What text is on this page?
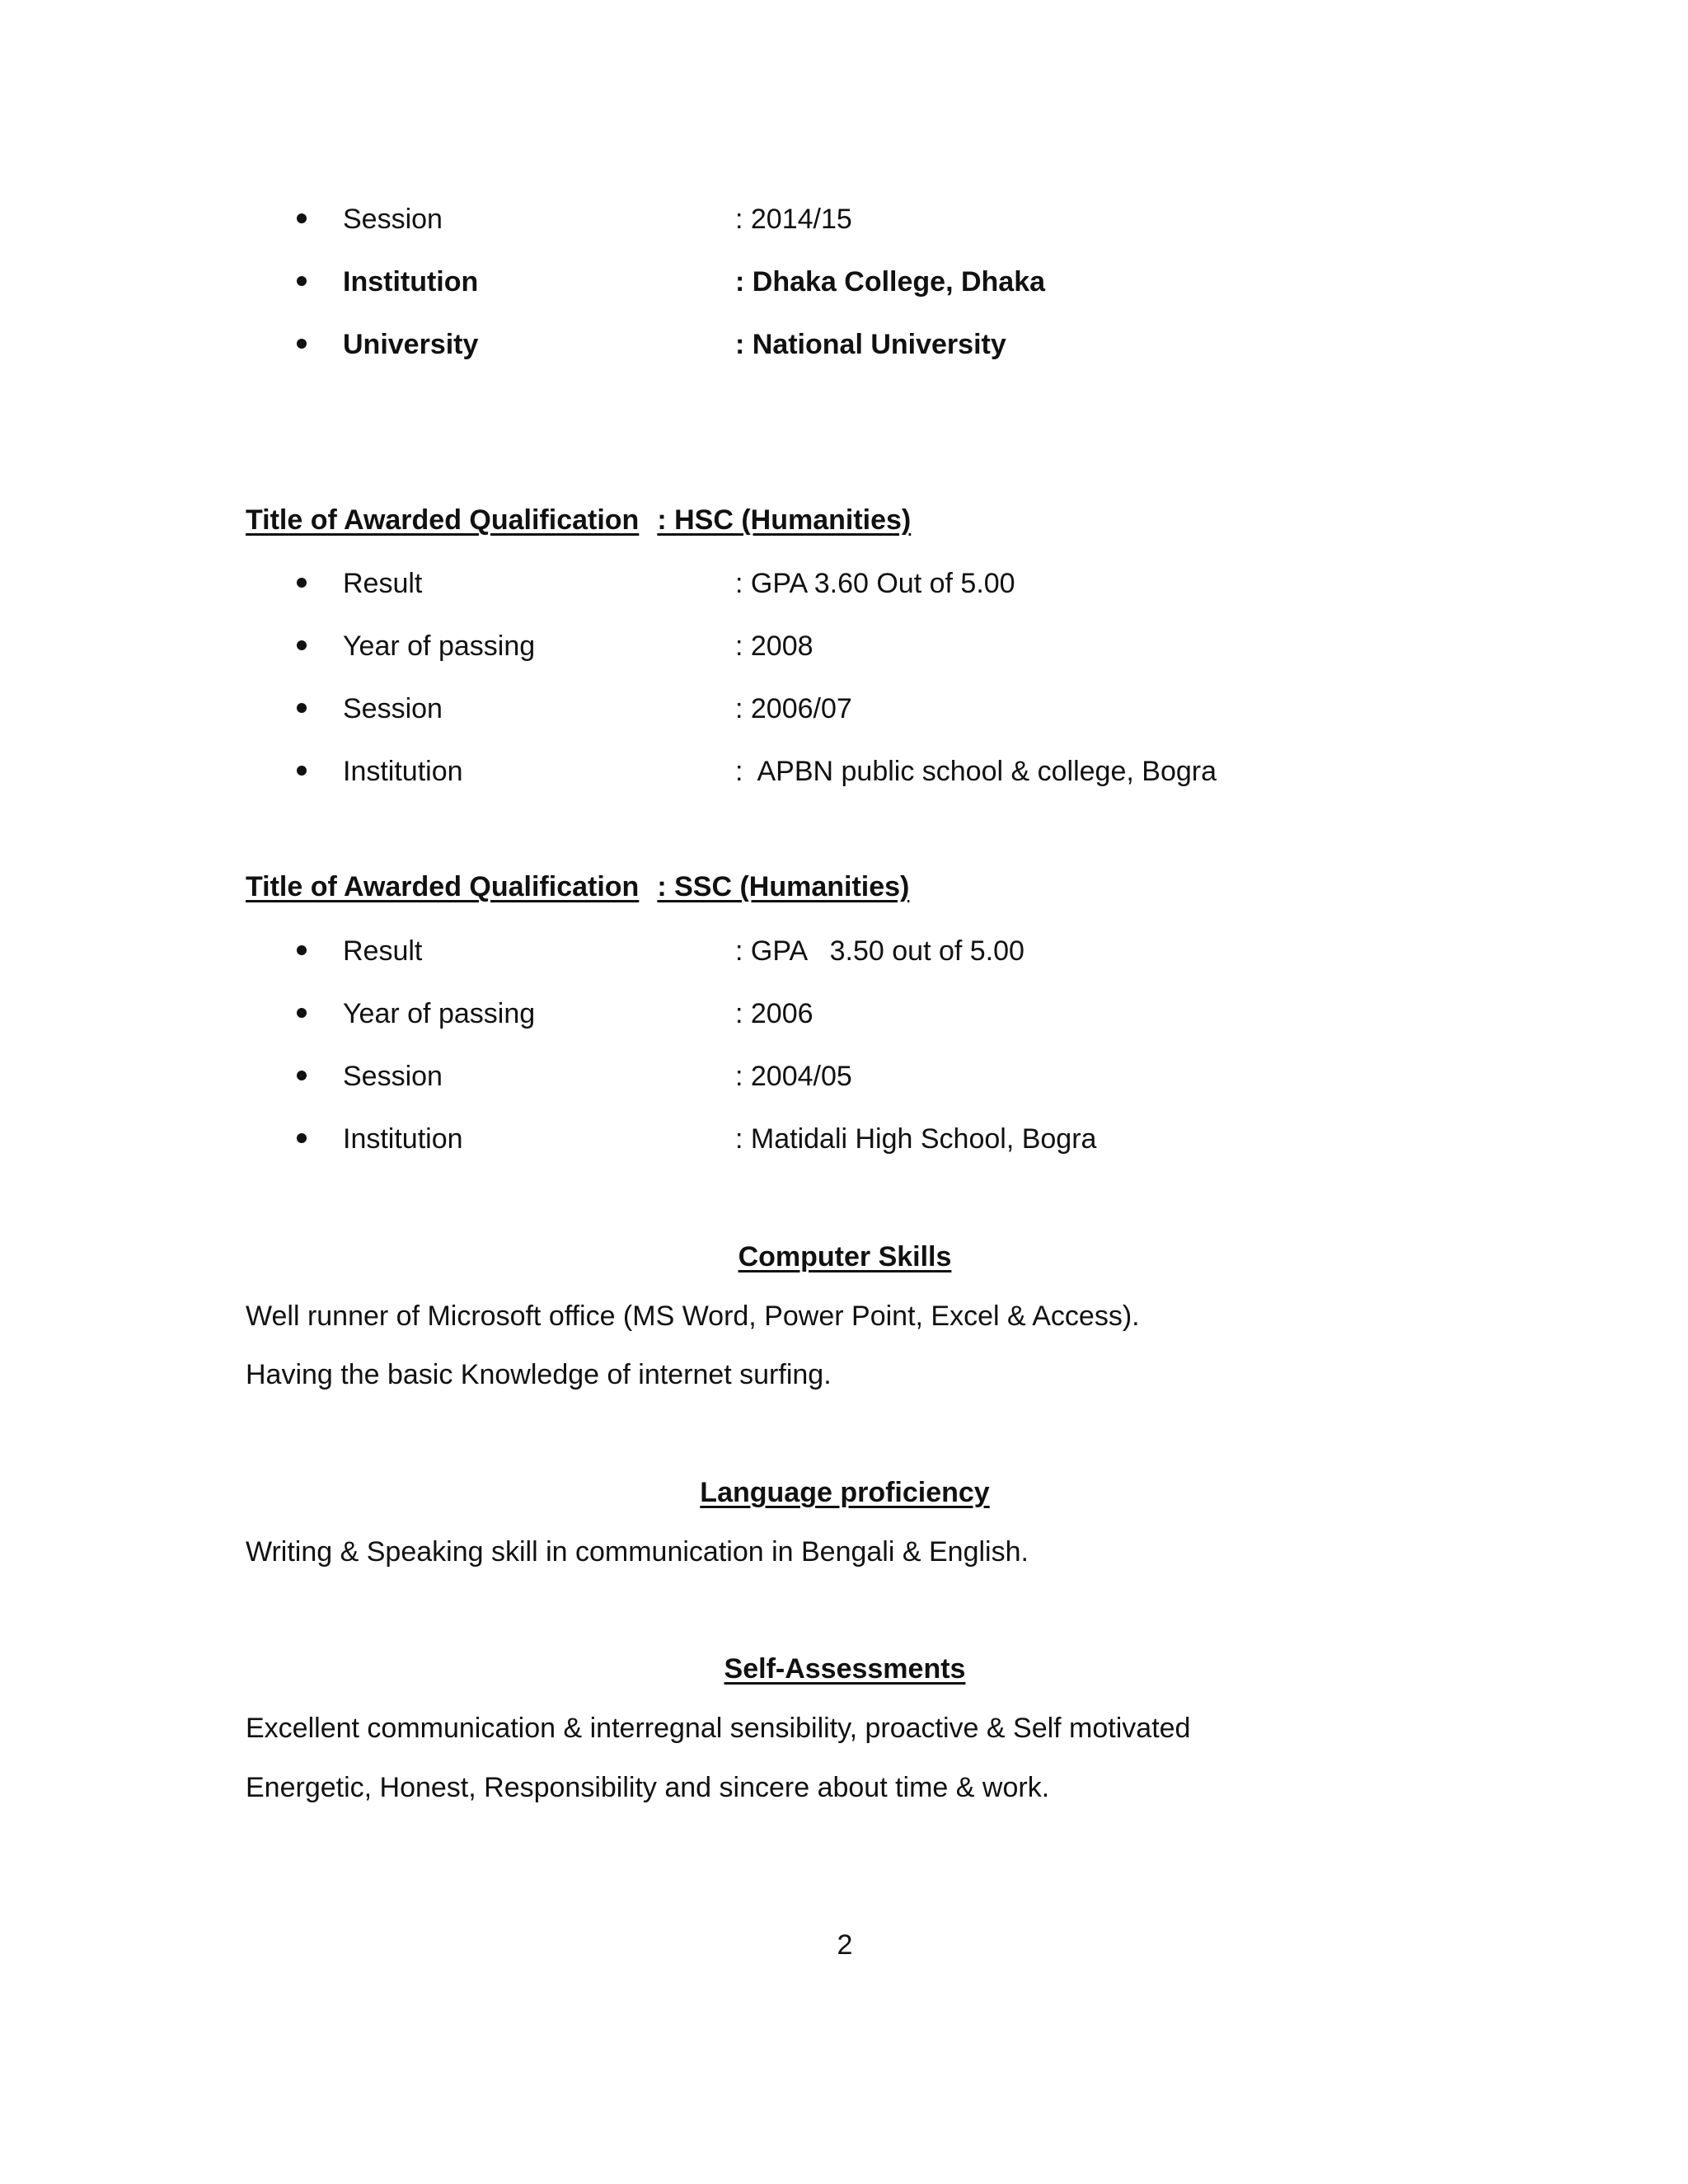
Session	: 2014/15
Institution	: Dhaka College, Dhaka
University	: National University
Title of Awarded Qualification : HSC (Humanities)
Result	: GPA 3.60 Out of 5.00
Year of passing	: 2008
Session	: 2006/07
Institution	:  APBN public school & college, Bogra
Title of Awarded Qualification : SSC (Humanities)
Result	: GPA   3.50 out of 5.00
Year of passing	: 2006
Session	: 2004/05
Institution	: Matidali High School, Bogra
Computer Skills
Well runner of Microsoft office (MS Word, Power Point, Excel & Access).
Having the basic Knowledge of internet surfing.
Language proficiency
Writing & Speaking skill in communication in Bengali & English.
Self-Assessments
Excellent communication & interregnal sensibility, proactive & Self motivated
Energetic, Honest, Responsibility and sincere about time & work.
2
